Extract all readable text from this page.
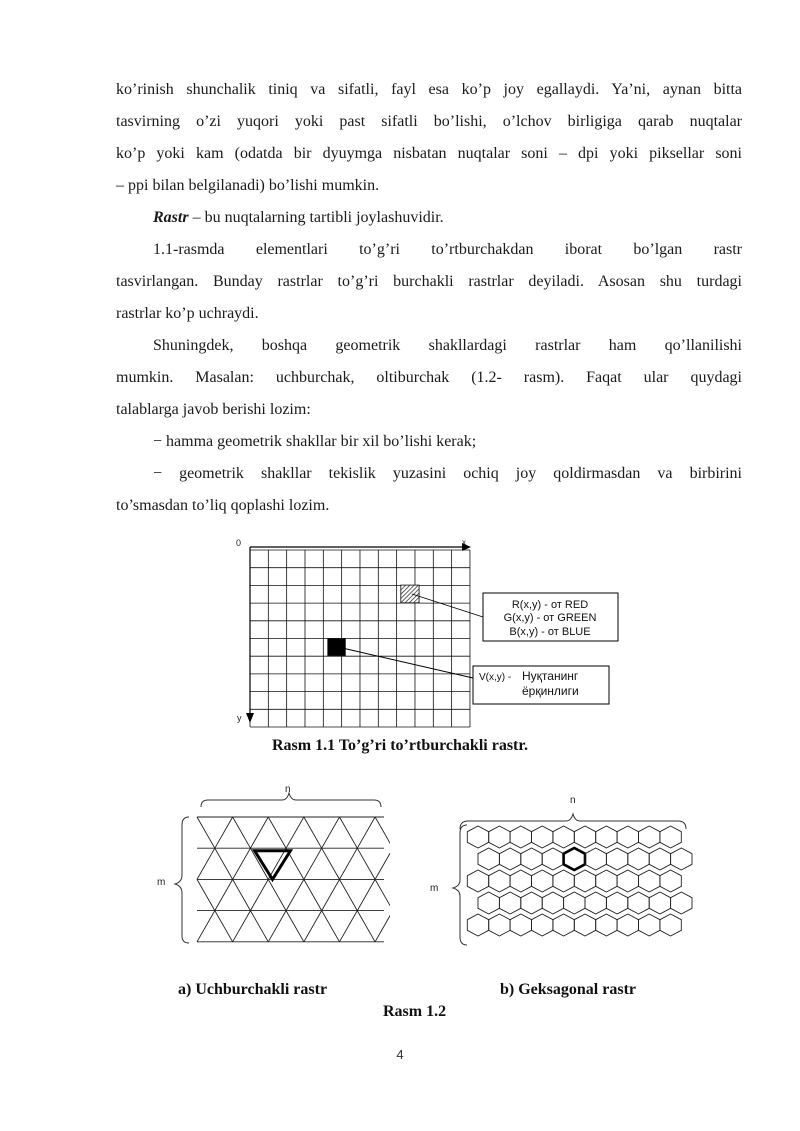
ko’rinish shunchalik tiniq va sifatli, fayl esa ko’p joy egallaydi. Ya’ni, aynan bitta

tasvirning o’zi yuqori yoki past sifatli bo’lishi, o’lchov birligiga qarab nuqtalar

ko’p yoki kam (odatda bir dyuymga nisbatan nuqtalar soni – dpi yoki piksellar soni

– ppi bilan belgilanadi) bo’lishi mumkin.

Rastr – bu nuqtalarning tartibli joylashuvidir.

1.1-rasmda elementlari to’g’ri to’rtburchakdan iborat bo’lgan rastr

tasvirlangan. Bunday rastrlar to’g’ri burchakli rastrlar deyiladi. Asosan shu turdagi

rastrlar ko’p uchraydi.

Shuningdek, boshqa geometrik shakllardagi rastrlar ham qo’llanilishi

mumkin. Masalan: uchburchak, oltiburchak (1.2- rasm). Faqat ular quydagi

talablarga javob berishi lozim:

− hamma geometrik shakllar bir xil bo’lishi kerak;

− geometrik shakllar tekislik yuzasini ochiq joy qoldirmasdan va birbirini

to’smasdan to’liq qoplashi lozim.

0	x
y
R(x,y) - от RED
G(x,y) - от GREEN
B(x,y) - от BLUE
V(x,y) - Нуқтанинг
ёрқинлиги
Rasm 1.1 To’g’ri to’rtburchakli rastr.
n
m
n
m
a) Uchburchakli rastr	b) Geksagonal rastr
Rasm 1.2
4
